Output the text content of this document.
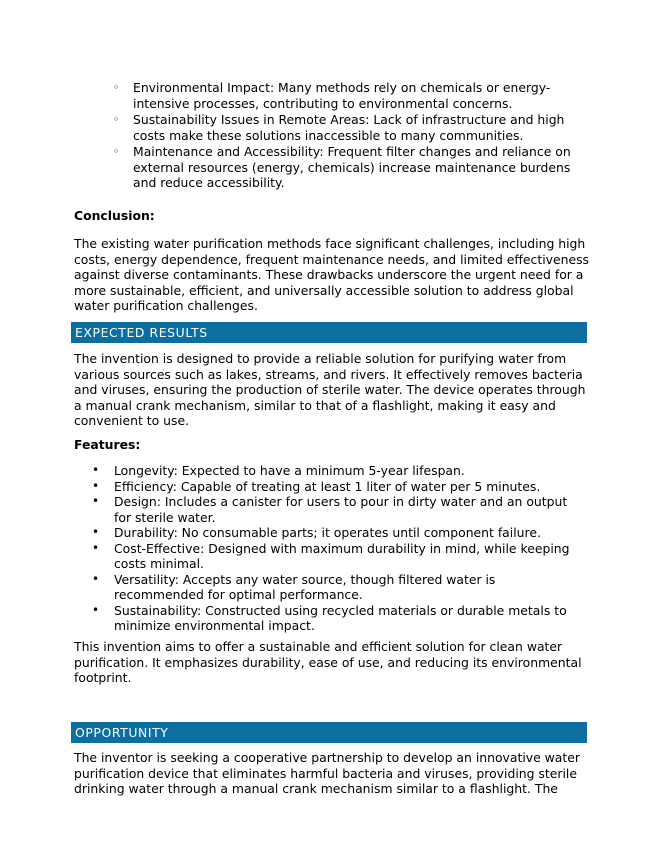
◦ Environmental Impact: Many methods rely on chemicals or energy-intensive processes, contributing to environmental concerns.
◦ Sustainability Issues in Remote Areas: Lack of infrastructure and high costs make these solutions inaccessible to many communities.
◦ Maintenance and Accessibility: Frequent filter changes and reliance on external resources (energy, chemicals) increase maintenance burdens and reduce accessibility.
Conclusion:

The existing water purification methods face significant challenges, including high costs, energy dependence, frequent maintenance needs, and limited effectiveness against diverse contaminants. These drawbacks underscore the urgent need for a more sustainable, efficient, and universally accessible solution to address global water purification challenges.

EXPECTED RESULTS

The invention is designed to provide a reliable solution for purifying water from various sources such as lakes, streams, and rivers. It effectively removes bacteria and viruses, ensuring the production of sterile water. The device operates through a manual crank mechanism, similar to that of a flashlight, making it easy and convenient to use.

Features:
• Longevity: Expected to have a minimum 5-year lifespan.
• Efficiency: Capable of treating at least 1 liter of water per 5 minutes.
• Design: Includes a canister for users to pour in dirty water and an output for sterile water.
• Durability: No consumable parts; it operates until component failure.
• Cost-Effective: Designed with maximum durability in mind, while keeping costs minimal.
• Versatility: Accepts any water source, though filtered water is recommended for optimal performance.
• Sustainability: Constructed using recycled materials or durable metals to minimize environmental impact.

This invention aims to offer a sustainable and efficient solution for clean water purification. It emphasizes durability, ease of use, and reducing its environmental footprint.

OPPORTUNITY

The inventor is seeking a cooperative partnership to develop an innovative water purification device that eliminates harmful bacteria and viruses, providing sterile drinking water through a manual crank mechanism similar to a flashlight. The
